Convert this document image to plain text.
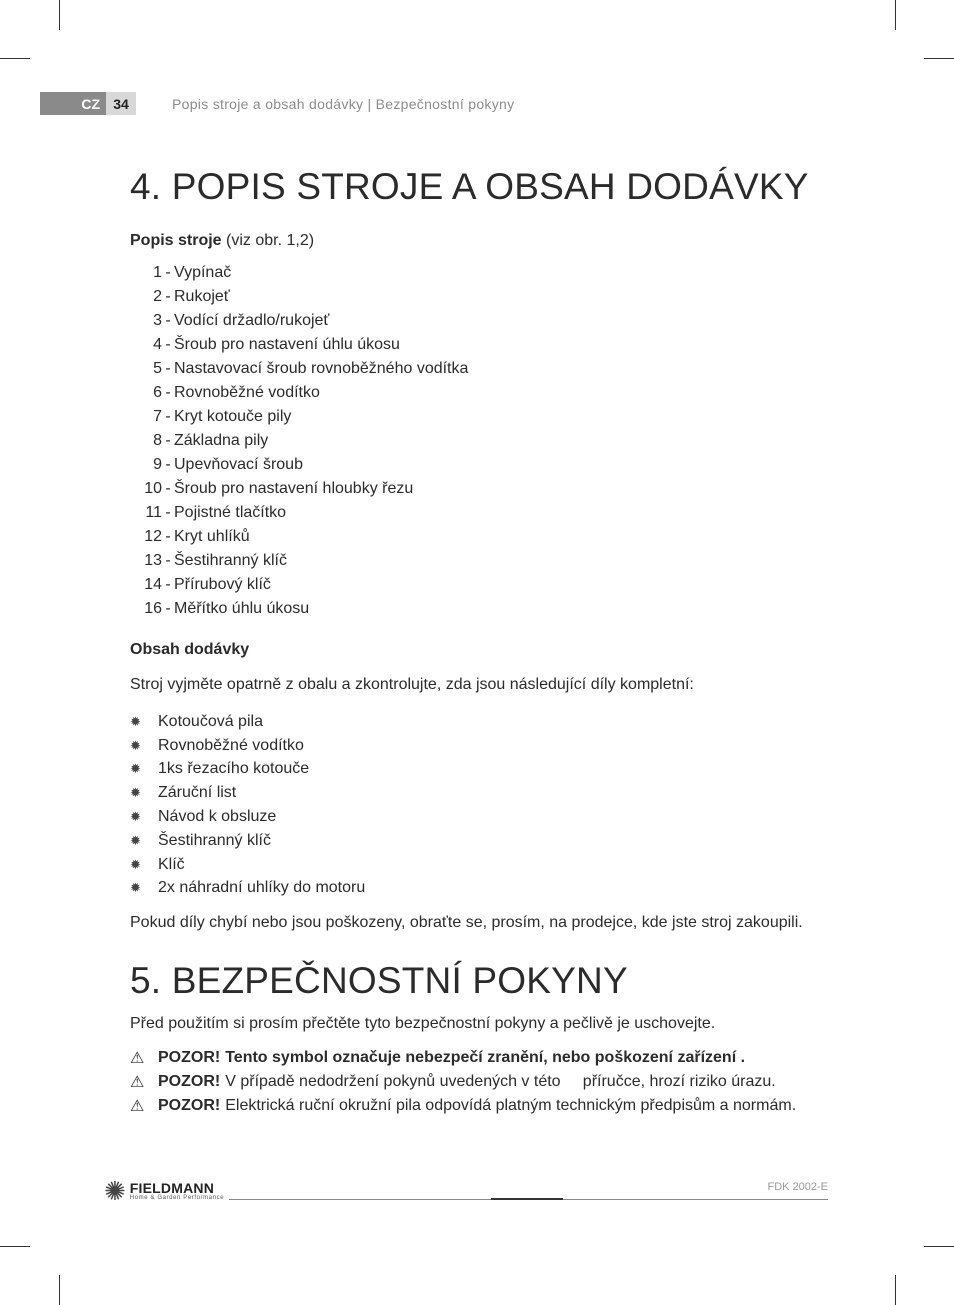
CZ 34	Popis stroje a obsah dodávky | Bezpečnostní pokyny
4. POPIS STROJE A OBSAH DODÁVKY
Popis stroje (viz obr. 1,2)
1 - Vypínač
2 - Rukojeť
3 - Vodící držadlo/rukojeť
4 - Šroub pro nastavení úhlu úkosu
5 - Nastavovací šroub rovnoběžného vodítka
6 - Rovnoběžné vodítko
7 - Kryt kotouče pily
8 - Základna pily
9 - Upevňovací šroub
10 - Šroub pro nastavení hloubky řezu
11 - Pojistné tlačítko
12 - Kryt uhlíků
13 - Šestihranný klíč
14 - Přírubový klíč
16 - Měřítko úhlu úkosu
Obsah dodávky
Stroj vyjměte opatrně z obalu a zkontrolujte, zda jsou následující díly kompletní:
✹	Kotoučová pila
✹	Rovnoběžné vodítko
✹	1ks řezacího kotouče
✹	Záruční list
✹	Návod k obsluze
✹	Šestihranný klíč
✹	Klíč
✹	2x náhradní uhlíky do motoru
Pokud díly chybí nebo jsou poškozeny, obraťte se, prosím, na prodejce, kde jste stroj zakoupili.
5. BEZPEČNOSTNÍ POKYNY
Před použitím si prosím přečtěte tyto bezpečnostní pokyny a pečlivě je uschovejte.
⚠ POZOR! Tento symbol označuje nebezpečí zranění, nebo poškození zařízení .
⚠ POZOR! V případě nedodržení pokynů uvedených v této     příručce, hrozí riziko úrazu.
⚠ POZOR! Elektrická ruční okružní pila odpovídá platným technickým předpisům a normám.
✺ FIELDMANN
Home & Garden Performance
FDK 2002-E
